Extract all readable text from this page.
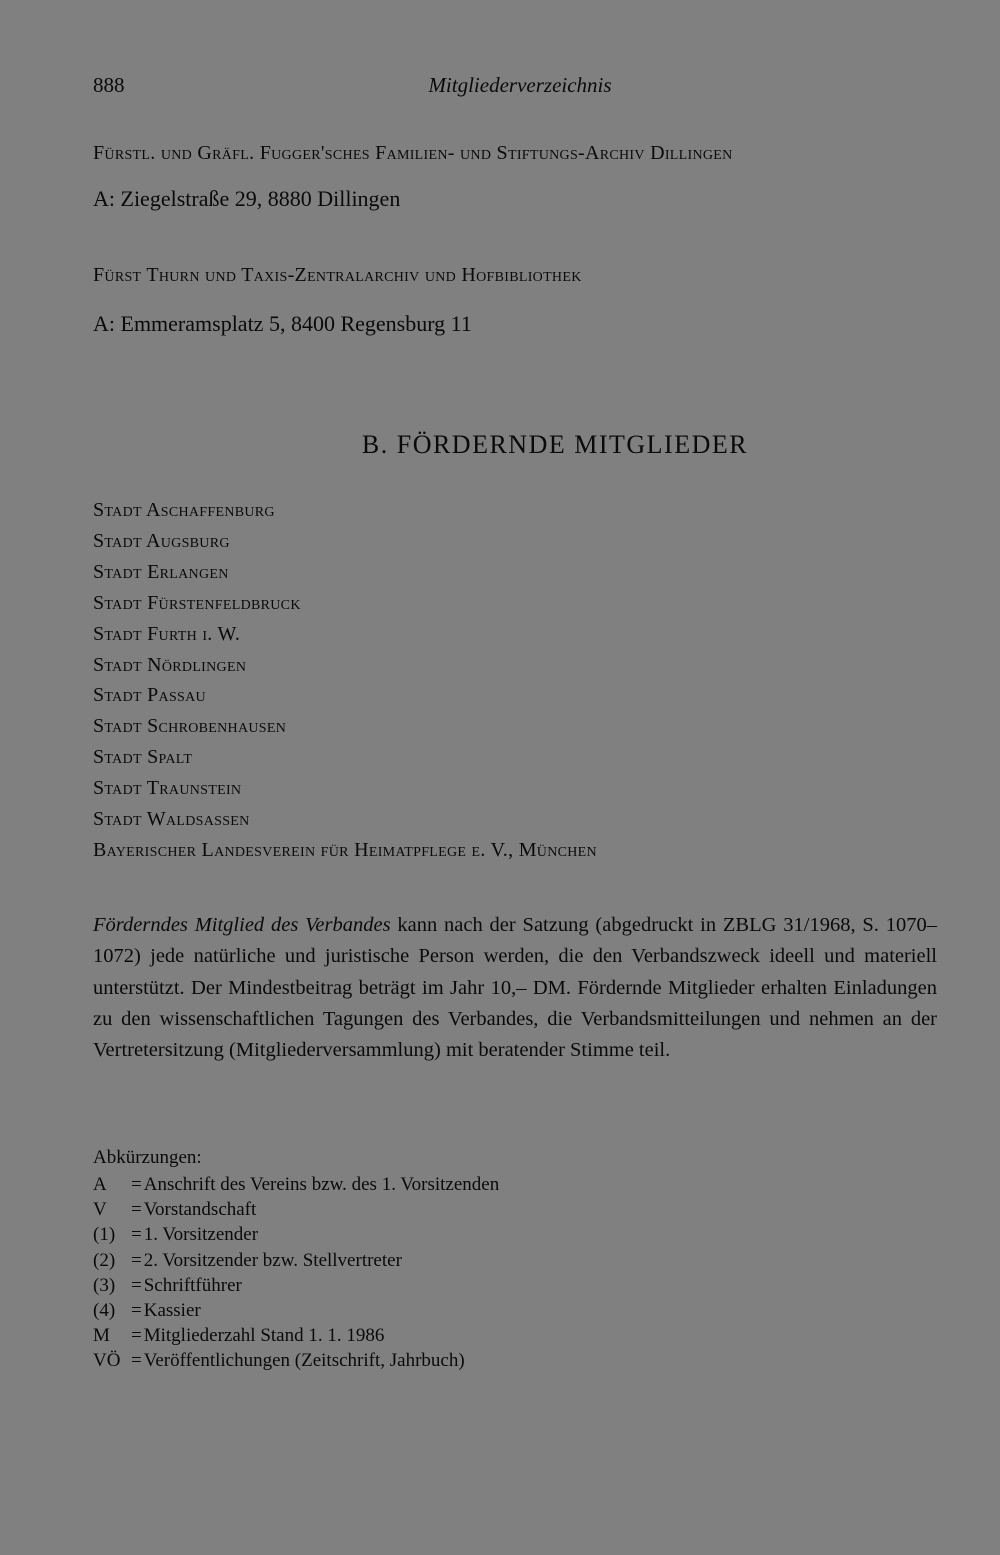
888	Mitgliederverzeichnis
Fürstl. und Gräfl. Fugger'sches Familien- und Stiftungs-Archiv Dillingen
A: Ziegelstraße 29, 8880 Dillingen
Fürst Thurn und Taxis-Zentralarchiv und Hofbibliothek
A: Emmeramsplatz 5, 8400 Regensburg 11
B. FÖRDERNDE MITGLIEDER
Stadt Aschaffenburg
Stadt Augsburg
Stadt Erlangen
Stadt Fürstenfeldbruck
Stadt Furth i. W.
Stadt Nördlingen
Stadt Passau
Stadt Schrobenhausen
Stadt Spalt
Stadt Traunstein
Stadt Waldsassen
Bayerischer Landesverein für Heimatpflege e. V., München

Förderndes Mitglied des Verbandes kann nach der Satzung (abgedruckt in ZBLG 31/1968, S. 1070–1072) jede natürliche und juristische Person werden, die den Verbandszweck ideell und materiell unterstützt. Der Mindestbeitrag beträgt im Jahr 10,– DM. Fördernde Mitglieder erhalten Einladungen zu den wissenschaftlichen Tagungen des Verbandes, die Verbandsmitteilungen und nehmen an der Vertretersitzung (Mitgliederversammlung) mit beratender Stimme teil.

Abkürzungen:
A = Anschrift des Vereins bzw. des 1. Vorsitzenden
V = Vorstandschaft
(1) = 1. Vorsitzender
(2) = 2. Vorsitzender bzw. Stellvertreter
(3) = Schriftführer
(4) = Kassier
M = Mitgliederzahl Stand 1. 1. 1986
VÖ = Veröffentlichungen (Zeitschrift, Jahrbuch)
